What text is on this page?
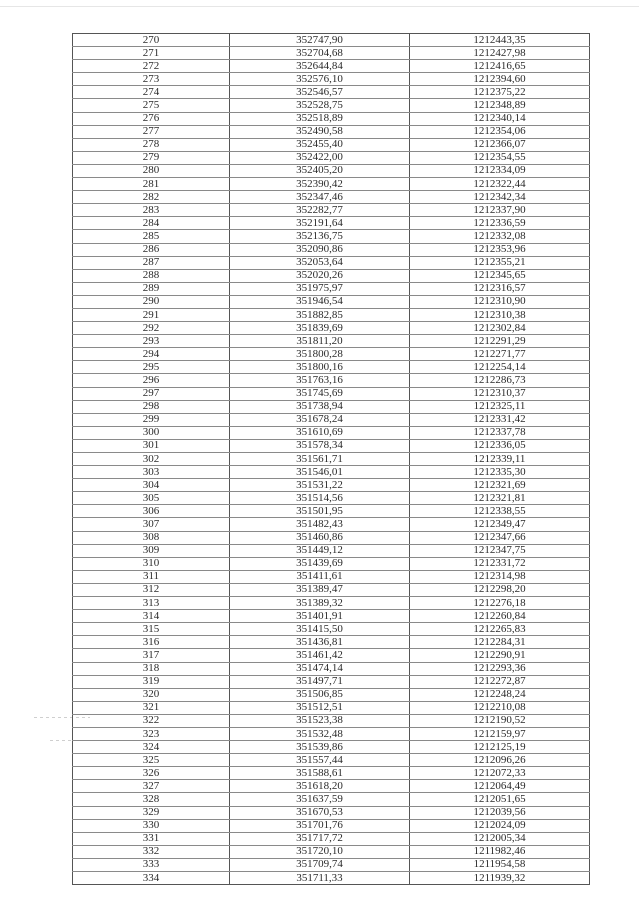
270	352747,90	1212443,35
271	352704,68	1212427,98
272	352644,84	1212416,65
273	352576,10	1212394,60
274	352546,57	1212375,22
275	352528,75	1212348,89
276	352518,89	1212340,14
277	352490,58	1212354,06
278	352455,40	1212366,07
279	352422,00	1212354,55
280	352405,20	1212334,09
281	352390,42	1212322,44
282	352347,46	1212342,34
283	352282,77	1212337,90
284	352191,64	1212336,59
285	352136,75	1212332,08
286	352090,86	1212353,96
287	352053,64	1212355,21
288	352020,26	1212345,65
289	351975,97	1212316,57
290	351946,54	1212310,90
291	351882,85	1212310,38
292	351839,69	1212302,84
293	351811,20	1212291,29
294	351800,28	1212271,77
295	351800,16	1212254,14
296	351763,16	1212286,73
297	351745,69	1212310,37
298	351738,94	1212325,11
299	351678,24	1212331,42
300	351610,69	1212337,78
301	351578,34	1212336,05
302	351561,71	1212339,11
303	351546,01	1212335,30
304	351531,22	1212321,69
305	351514,56	1212321,81
306	351501,95	1212338,55
307	351482,43	1212349,47
308	351460,86	1212347,66
309	351449,12	1212347,75
310	351439,69	1212331,72
311	351411,61	1212314,98
312	351389,47	1212298,20
313	351389,32	1212276,18
314	351401,91	1212260,84
315	351415,50	1212265,83
316	351436,81	1212284,31
317	351461,42	1212290,91
318	351474,14	1212293,36
319	351497,71	1212272,87
320	351506,85	1212248,24
321	351512,51	1212210,08
322	351523,38	1212190,52
323	351532,48	1212159,97
324	351539,86	1212125,19
325	351557,44	1212096,26
326	351588,61	1212072,33
327	351618,20	1212064,49
328	351637,59	1212051,65
329	351670,53	1212039,56
330	351701,76	1212024,09
331	351717,72	1212005,34
332	351720,10	1211982,46
333	351709,74	1211954,58
334	351711,33	1211939,32
